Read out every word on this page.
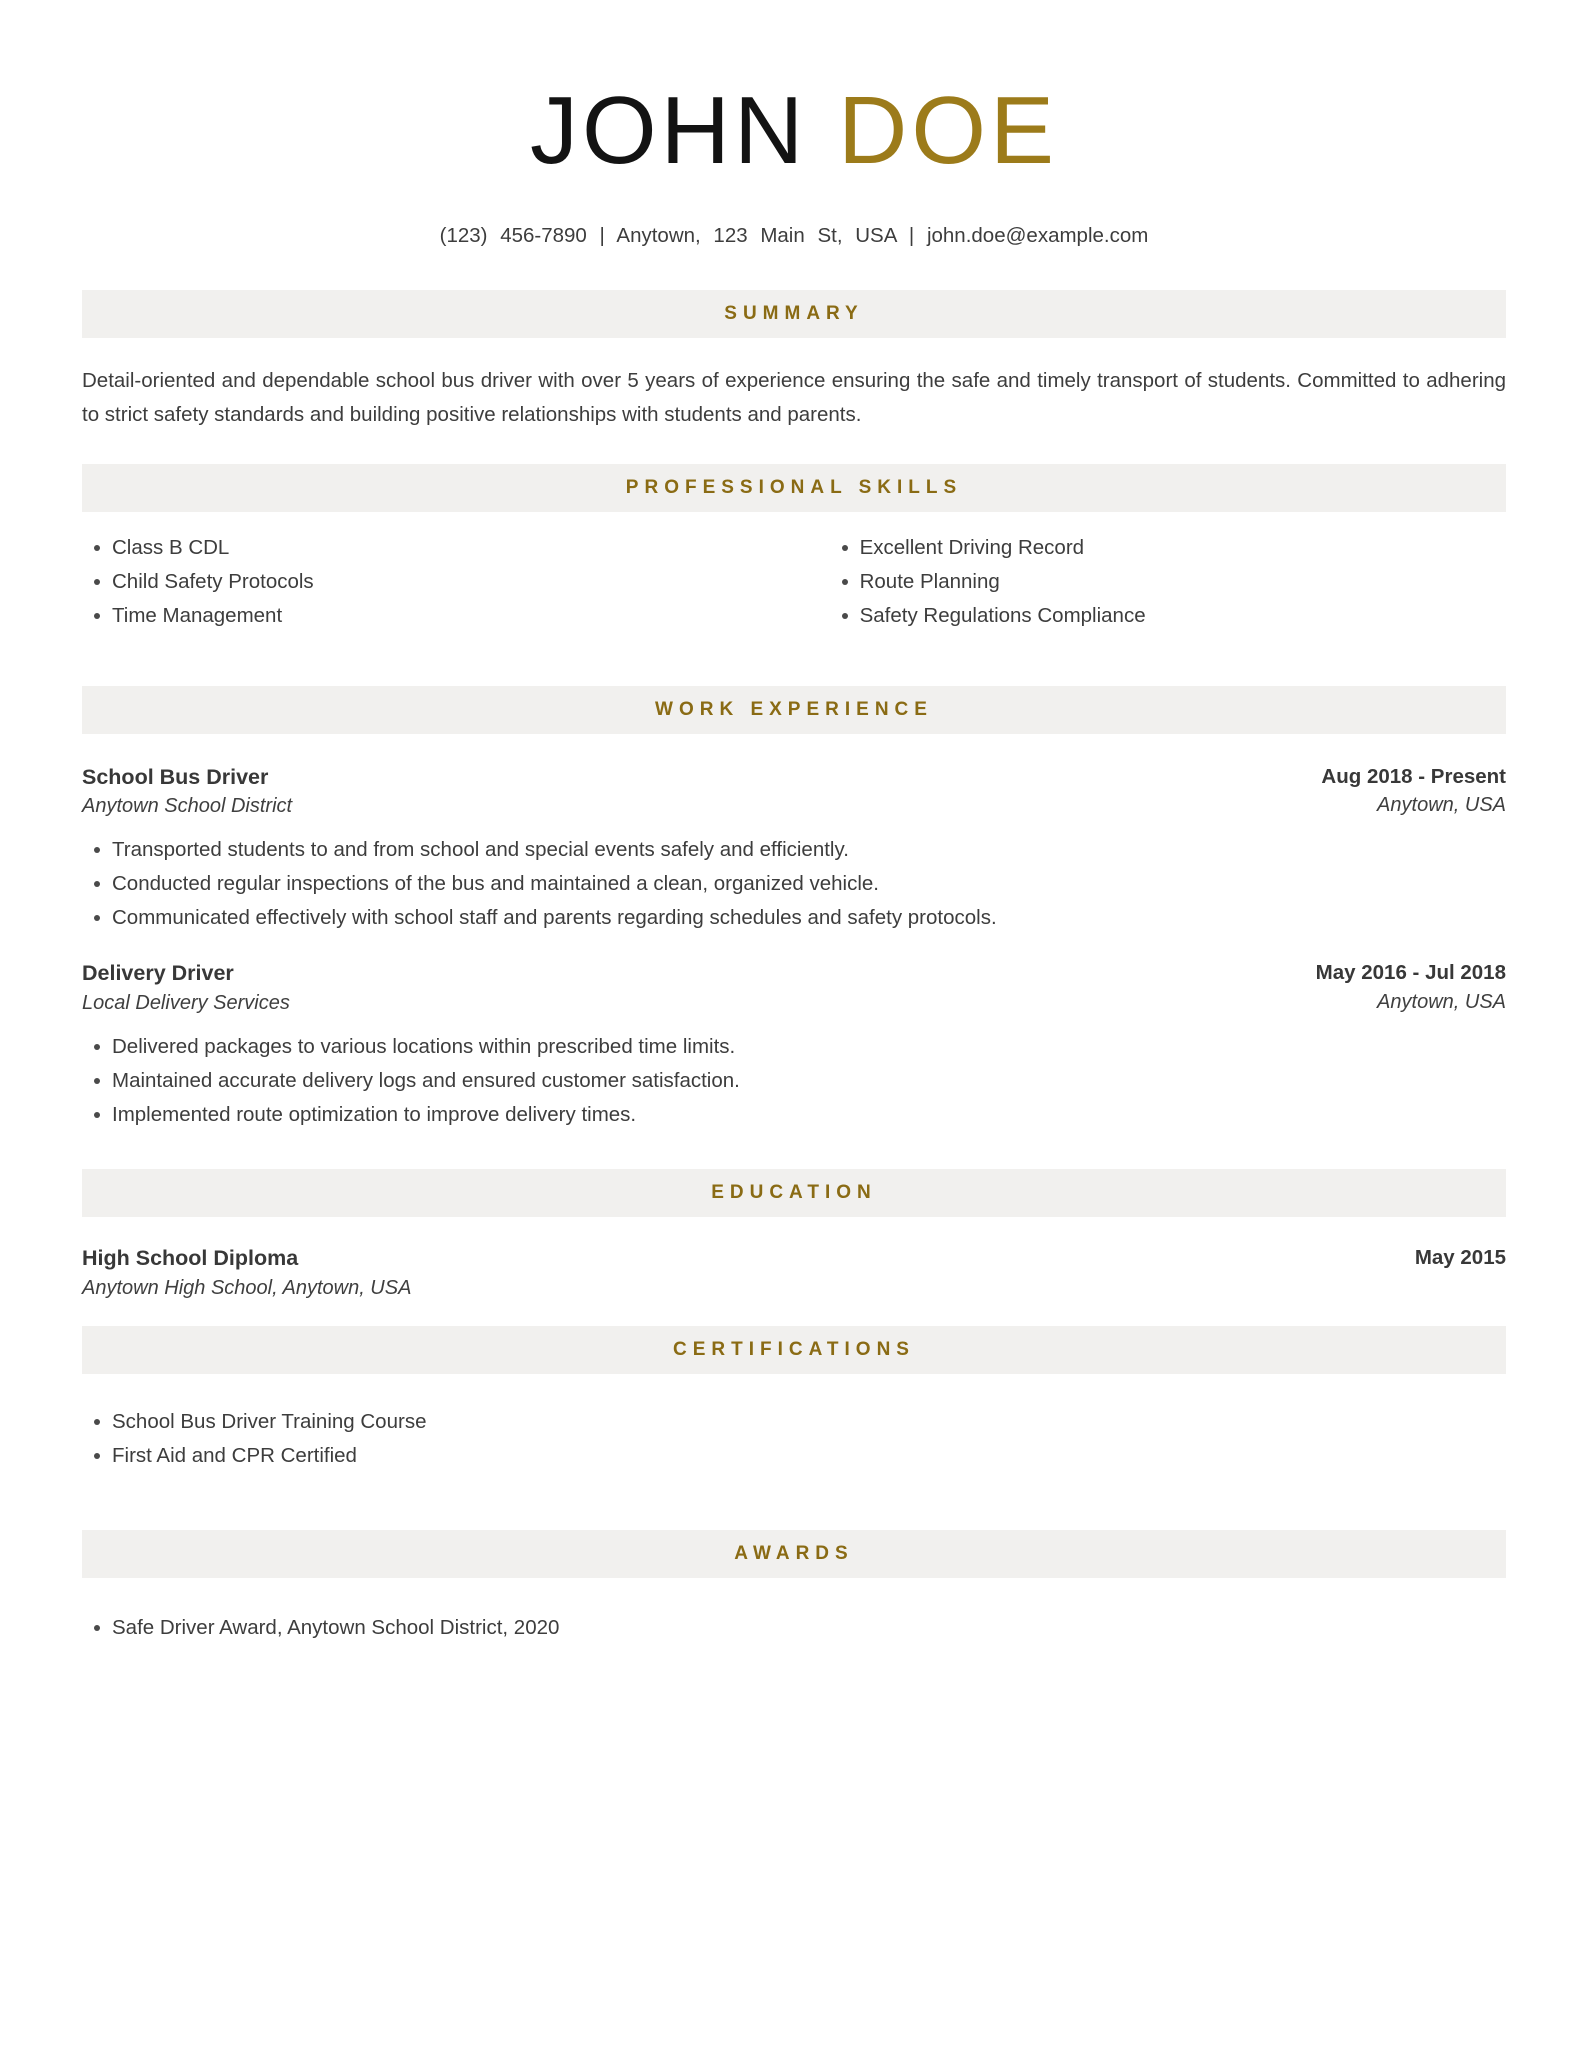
JOHN DOE
(123) 456-7890 | Anytown, 123 Main St, USA | john.doe@example.com
SUMMARY

Detail-oriented and dependable school bus driver with over 5 years of experience ensuring the safe and timely transport of students. Committed to adhering to strict safety standards and building positive relationships with students and parents.

PROFESSIONAL SKILLS
Class B CDL
Child Safety Protocols
Time Management
Excellent Driving Record
Route Planning
Safety Regulations Compliance
WORK EXPERIENCE
School Bus Driver
Anytown School District
Aug 2018 - Present
Anytown, USA
Transported students to and from school and special events safely and efficiently.
Conducted regular inspections of the bus and maintained a clean, organized vehicle.
Communicated effectively with school staff and parents regarding schedules and safety protocols.
Delivery Driver
Local Delivery Services
May 2016 - Jul 2018
Anytown, USA
Delivered packages to various locations within prescribed time limits.
Maintained accurate delivery logs and ensured customer satisfaction.
Implemented route optimization to improve delivery times.
EDUCATION
High School Diploma
Anytown High School, Anytown, USA
May 2015
CERTIFICATIONS
School Bus Driver Training Course
First Aid and CPR Certified
AWARDS
Safe Driver Award, Anytown School District, 2020
